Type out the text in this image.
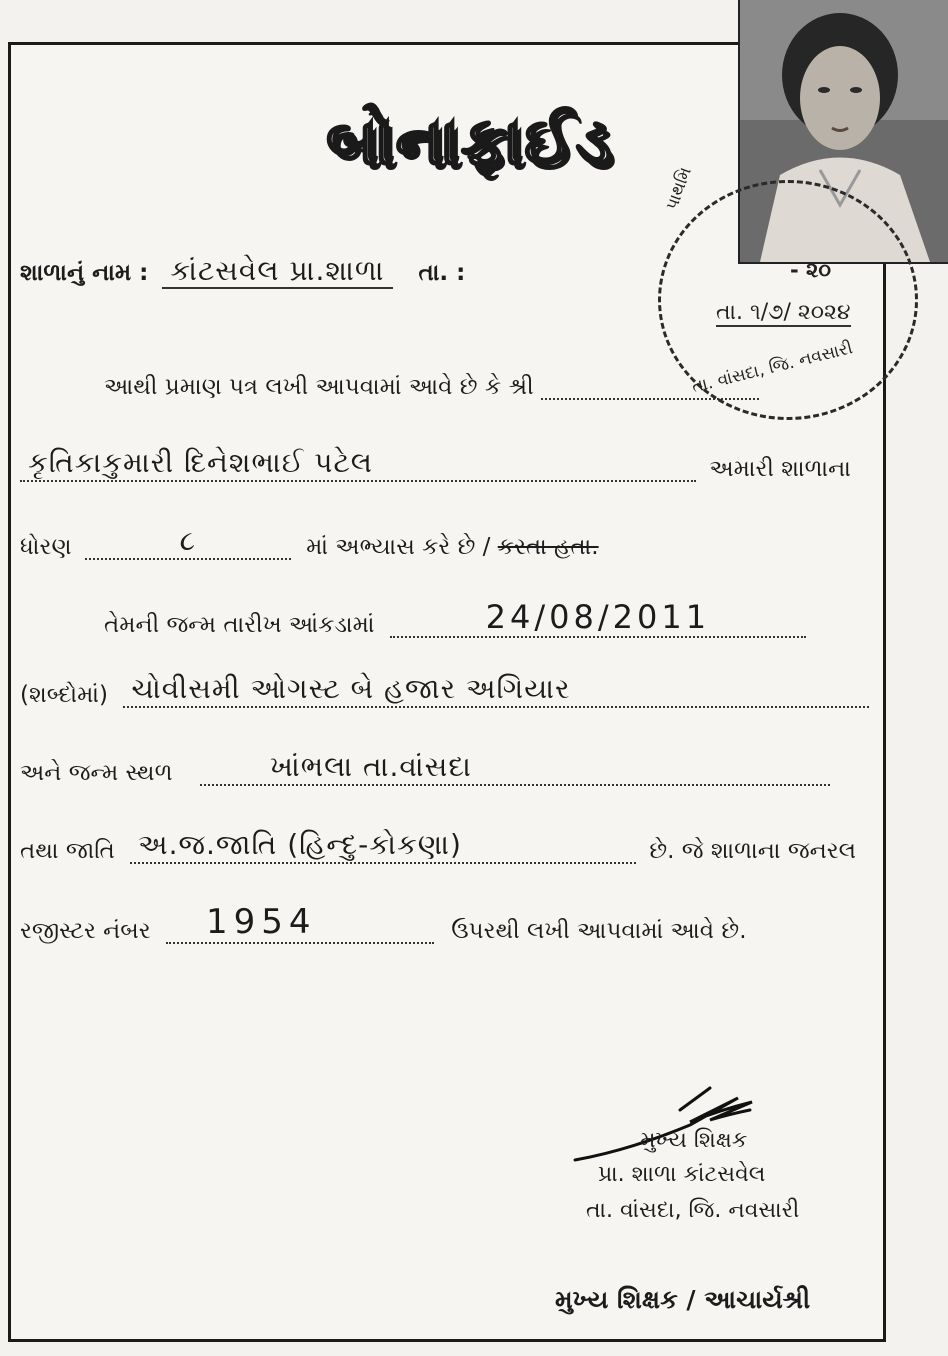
બોનાફાઈડ
પાથમિ
- ૨૦
તા. ૧/૭/ ૨૦૨૪
તા. વાંસદા, જિ. નવસારી
શાળાનું નામ : કાંટસવેલ પ્રા.શાળા તા. :
આથી પ્રમાણ પત્ર લખી આપવામાં આવે છે કે શ્રી
કૃતિકાકુમારી દિનેશભાઈ પટેલ	અમારી શાળાના
ધોરણ	૮	માં અભ્યાસ કરે છે / કરતા હતા.
તેમની જન્મ તારીખ આંકડામાં	24/08/2011
(શબ્દોમાં) ચોવીસમી ઓગસ્ટ બે હજાર અગિયાર
અને જન્મ સ્થળ	ખાંભલા તા.વાંસદા
તથા જાતિ અ.જ.જાતિ (હિન્દુ-કોકણા)	છે. જે શાળાના જનરલ
રજીસ્ટર નંબર 1954	ઉપરથી લખી આપવામાં આવે છે.
મુખ્ય શિક્ષક
પ્રા. શાળા કાંટસવેલ
તા. વાંસદા, જિ. નવસારી
મુખ્ય શિક્ષક / આચાર્યશ્રી
